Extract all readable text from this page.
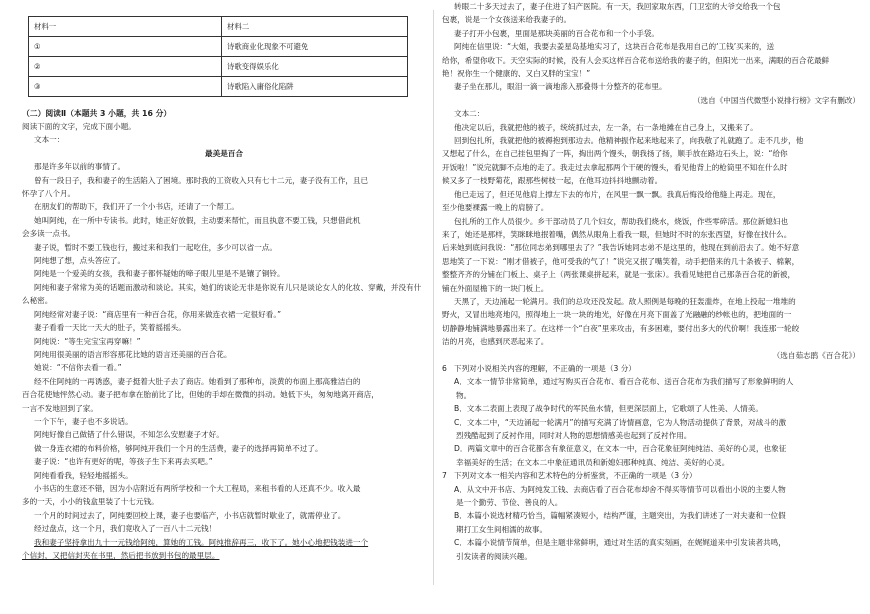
材料一	材料二
①	诗歌商业化现象不可避免
②	诗歌变得娱乐化
③	诗歌陷入庸俗化陷阱
（二）阅读Ⅱ（本题共 3 小题，共 16 分）

阅读下面的文字，完成下面小题。

文本一：

最美是百合

那是许多年以前的事情了。

曾有一段日子，我和妻子的生活陷入了困境。那时我的工资收入只有七十二元，妻子没有工作，且已

怀孕了八个月。

在朋友们的帮助下，我们开了一个小书店，还请了一个帮工。

她叫阿纯，在一所中专读书。此时，她正好放假，主动要来帮忙，而且执意不要工钱，只想借此机

会多读一点书。

妻子说，暂时不要工钱也行，搬过来和我们一起吃住，多少可以省一点。

阿纯想了想，点头答应了。

阿纯是一个爱美的女孩，我和妻子都怀疑她的啼子眼儿里是不是镶了铜铃。

阿纯和妻子常常为美的话题而激动和谈论。其实，她们的谈论无非是你说有儿只是谈论女人的化妆、穿戴，并没有什

么秘密。

阿纯经常对妻子说：“商店里有一种百合花，你用来做连衣裙一定很好看。”

妻子看看一天比一天大的肚子，笑着摇摇头。

阿纯说：“等生完宝宝再穿嘛！”

阿纯用很美丽的语言形容那花比她的语言还美丽的百合花。

她说：“不信你去看一看。”

经不住阿纯的一再诱惑，妻子挺着大肚子去了商店。她看到了那种布，淡黄的布面上那高雅洁白的

百合花使她怦然心动。妻子把布拿在胎前比了比，但她的手却在微微的抖动。她低下头，匆匆地离开商店，

一言不发地回到了家。

一个下午，妻子也不多说话。

阿纯好像自己做错了什么错误，不知怎么安慰妻子才好。

做一身连衣裙的布料价格，够阿纯开我们一个月的生活费，妻子的选择再简单不过了。

妻子说：“也许有更好的呢，等孩子生下来再去买吧。”

阿纯看看我，轻轻地摇摇头。

小书店的生意还不错，因为小店附近有两所学校和一个大工程局，来租书看的人还真不少。收入最

多的一天，小小的钱盒里装了十七元钱。

一个月的时间过去了，阿纯要回校上课，妻子也要临产，小书店就暂时歇业了，就需停业了。

经过盘点，这一个月，我们竟收入了一百八十二元钱！

我和妻子坚持拿出九十一元钱给阿纯，算她的工钱。阿纯推辞再三，收下了。她小心地把钱装进一个

个信封，又把信封夹在书里，然后把书放到书包的最里层。

转眼二十多天过去了，妻子住进了妇产医院。有一天，我回家取东西，门卫室的大爷交给我一个包

包裹，说是一个女孩送来给我妻子的。

妻子打开小包裹，里面是那块美丽的百合花布和一个小手袋。

阿纯在信里说：“大姐，我要去姜星岛基地实习了，这块百合花布是我用自己的‘工钱’买来的，送

给你，希望你收下。天空实际的时候，没有人会买这样百合花布送给我的妻子的，但阳光一出来，满眼的百合花最鲜

艳！祝你生一个健康的、又白又胖的宝宝！”

妻子坐在那儿，眼泪一滴一滴地滲入那叠得十分整齐的花布里。

（选自《中国当代微型小说排行榜》文字有删改）

文本二：

他决定以后，我就把他的被子，统统抓过去，左一条，右一条地摊在自己身上，又搬来了。

回到包扎所，我就把他的被褥抱到那边去。他精神振作起来地起来了，向我敬了礼就跑了。走不几步，他

又想起了什么，在自己挂包里掏了一阵，掏出两个馒头，朝我扬了扬，顺手放在路边石头上，说：“给你

开饭啦！”说完就脚不点地的走了。我走过去拿起那两个干硬的馒头，看见他背上的枪筒里不知在什么时

候又多了一枝野菊花，跟那些树枝一起，在他耳边抖抖地颤动着。

他已走远了，但还见他肩上撑左下去的布片，在风里一飘一飘。我真后悔没给他缝上再走。现在，

至少他要裸露一晚上的肩膀了。

包扎所的工作人员很少。乡干部动员了几个妇女，帮助我们烧水，烧饭，作些零碎活。那位新媳妇也

来了，她还是那样，笑眯眯地抿着嘴，偶然从眼角上看我一眼，但她时不时的东张西望，好像在找什么。

后来她到底问我说：“那位同志弟到哪里去了？”我告诉她同志弟不是这里的，他现在到前沿去了。她不好意

思地笑了一下说：“刚才借被子，他可受我的气了！”说完又抿了嘴笑着，动手把借来的几十条被子、棉絮，

整整齐齐的分铺在门板上、桌子上（两张课桌拼起来，就是一张床）。我看见她把自己那条百合花的新被，

铺在外面屋檐下的一块门板上。

天黑了，天边涌起一轮满月。我们的总攻还没发起。敌人照例是每晚的狂轰滥炸，在地上投起一堆堆的

野火，又冒出地亮地闪，照得地上一块一块的地光，好像在月亮下面盖了光融融的纱帐也的，把地面的一

切静静地铺满地暴露出来了。在这样一个“白夜”里来攻击，有多困难，要付出多大的代价啊！我连那一轮皎

洁的月亮，也感到厌恶起来了。

（选自茹志鹃《百合花》）

6 下列对小说相关内容的理解，不正确的一项是（3 分）

A．文本一情节非常简单，通过写购买百合花布、看百合花布、送百合花布为我们描写了形象鲜明的人

物。

B．文本二表面上表现了战争时代的军民鱼水情，但更深层面上，它歌颂了人性美、人情美。

C．文本二中，“天边涌起一轮满月”的描写充满了诗情画意，它为人物活动提供了背景，对战斗的激

烈残酷起到了反衬作用，同时对人物的思想情感美也起到了反衬作用。

D．两篇文章中的百合花都含有象征意义，在文本一中，百合花象征阿纯纯洁、美好的心灵，也象征

幸福美好的生活；在文本二中象征通讯员和新媳妇那种纯真、纯洁、美好的心灵。

7 下列对文本一相关内容和艺术特色的分析鉴赏，不正确的一项是（3 分）

A．从文中开书店、为阿纯发工钱、去商店看了百合花布却舍不得买等情节可以看出小说的主要人物

是一个勤劳、节俭、善良的人。

B．本篇小说选材精巧恰当，篇幅紧凑短小，结构严谨，主题突出，为我们讲述了一对夫妻和一位假

期打工女生间相濡的故事。

C．本篇小说情节简单，但是主题非常鲜明，通过对生活的真实刻画，在娓娓道来中引发读者共鸣，

引发读者的阅读兴趣。
